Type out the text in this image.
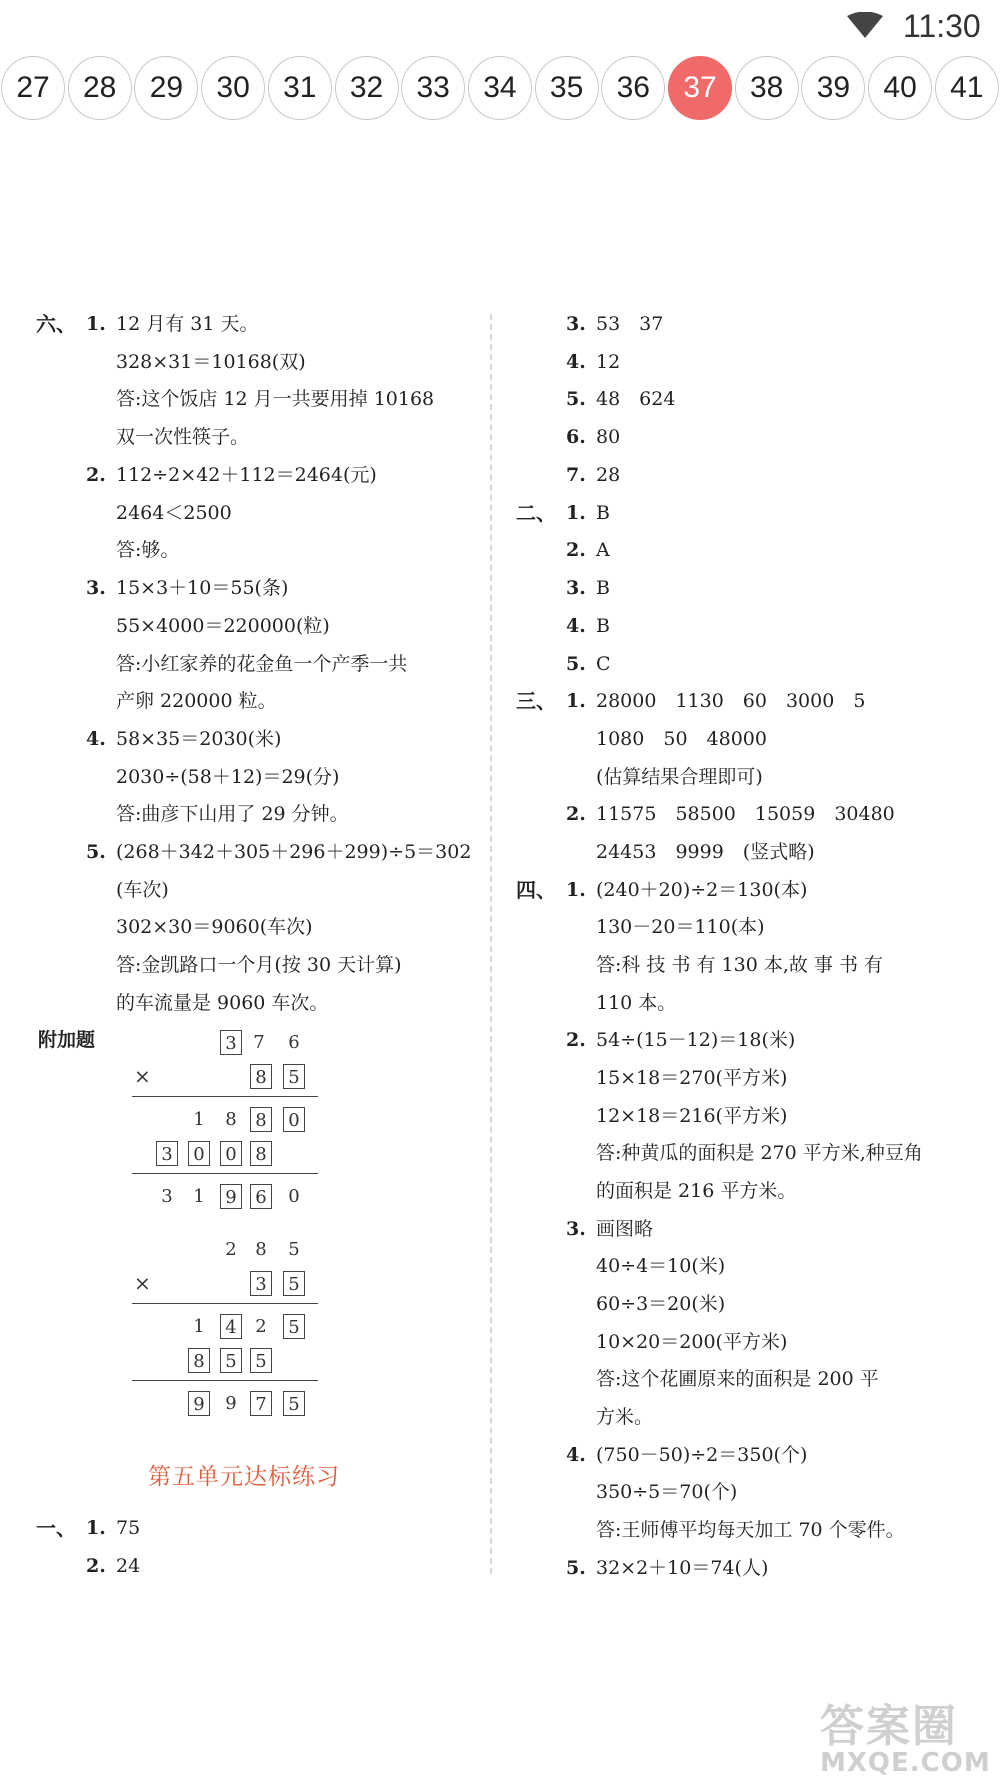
11:30
27	28	29	30	31	32	33	34	35	36	37	38	39	40	41
六、 1. 12 月有 31 天。
328×31＝10168(双)
答:这个饭店 12 月一共要用掉 10168
双一次性筷子。
2. 112÷2×42＋112＝2464(元)
2464＜2500
答:够。
3. 15×3＋10＝55(条)
55×4000＝220000(粒)
答:小红家养的花金鱼一个产季一共
产卵 220000 粒。
4. 58×35＝2030(米)
2030÷(58＋12)＝29(分)
答:曲彦下山用了 29 分钟。
5. (268＋342＋305＋296＋299)÷5＝302
(车次)
302×30＝9060(车次)
答:金凯路口一个月(按 30 天计算)
的车流量是 9060 车次。
附加题	3 7 6
×	8 5
1 8 8 0
3 0 0 8
3 1 9 6 0
2 8 5
×	3 5
1 4 2 5
8 5 5
9 9 7 5
第五单元达标练习
一、 1. 75
2. 24
3. 53　37
4. 12
5. 48　624
6. 80
7. 28
二、 1. B
2. A
3. B
4. B
5. C
三、 1. 28000　1130　60　3000　5
1080　50　48000
(估算结果合理即可)
2. 11575　58500　15059　30480
24453　9999　(竖式略)
四、 1. (240＋20)÷2＝130(本)
130－20＝110(本)
答:科 技 书 有 130 本,故 事 书 有
110 本。
2. 54÷(15－12)＝18(米)
15×18＝270(平方米)
12×18＝216(平方米)
答:种黄瓜的面积是 270 平方米,种豆角
的面积是 216 平方米。
3. 画图略
40÷4＝10(米)
60÷3＝20(米)
10×20＝200(平方米)
答:这个花圃原来的面积是 200 平
方米。
4. (750－50)÷2＝350(个)
350÷5＝70(个)
答:王师傅平均每天加工 70 个零件。
5. 32×2＋10＝74(人)
答案圈
MXQE.COM
